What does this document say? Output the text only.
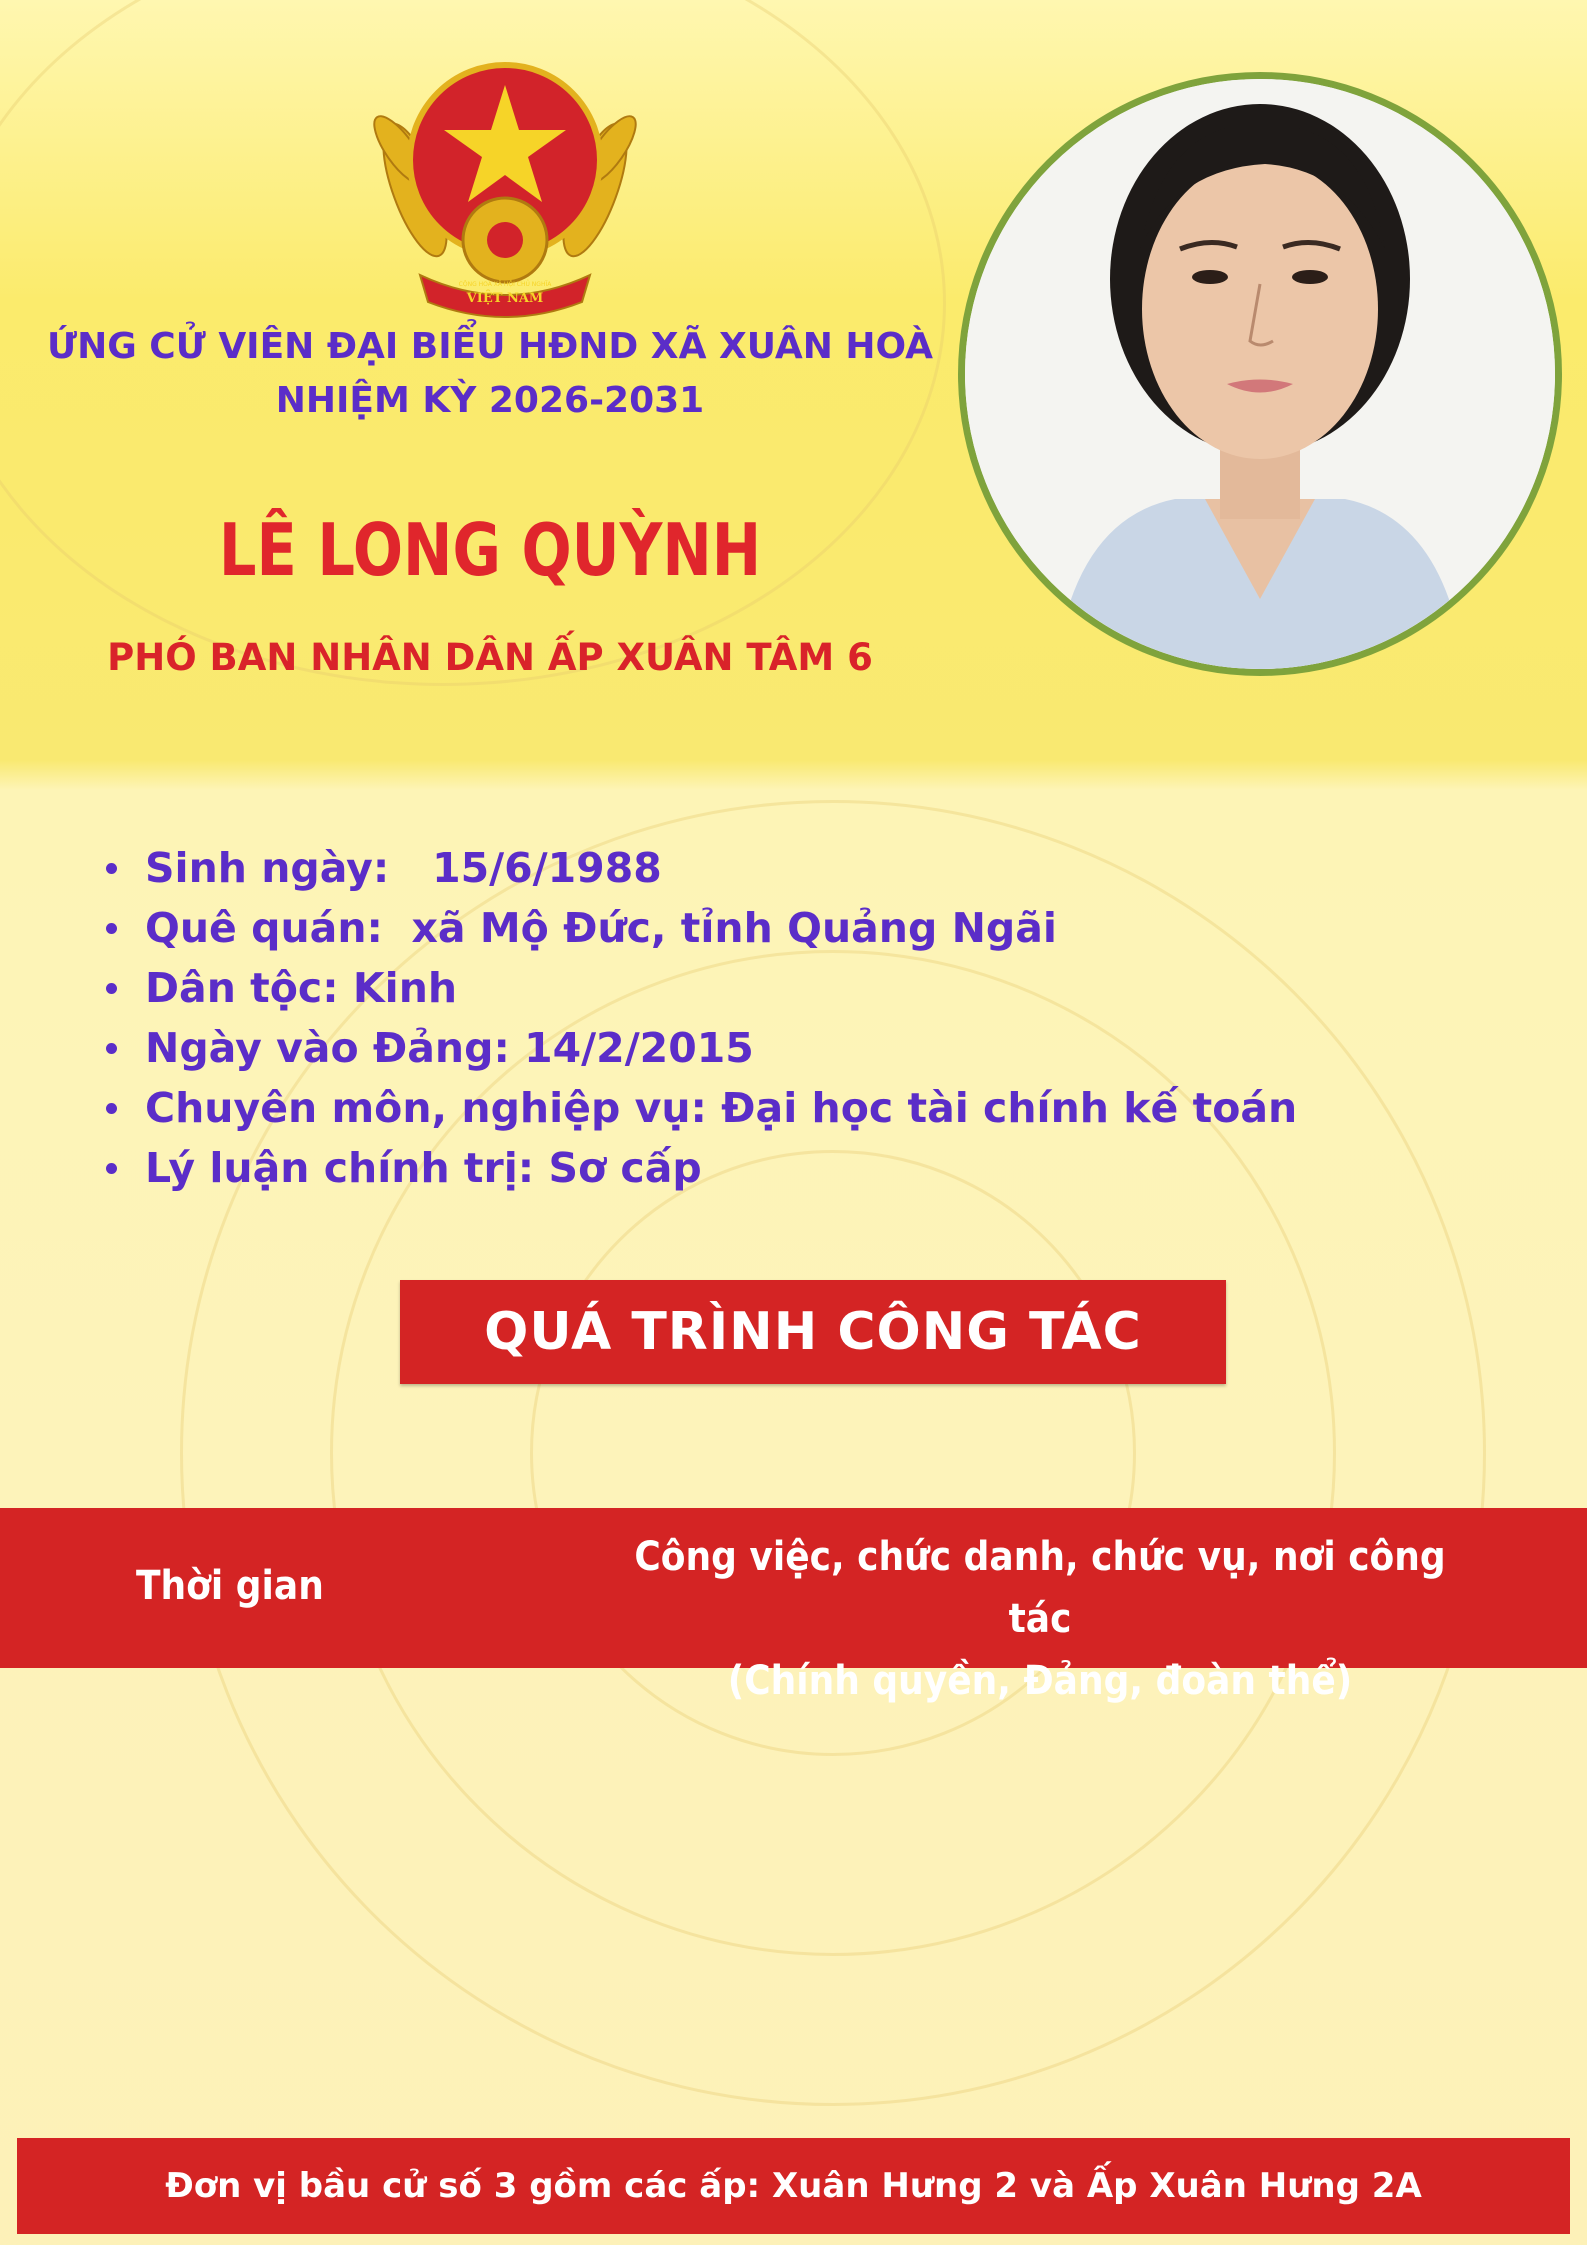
VIỆT NAM
CỘNG HOÀ XÃ HỘI CHỦ NGHĨA
ỨNG CỬ VIÊN ĐẠI BIỂU HĐND XÃ XUÂN HOÀ
NHIỆM KỲ 2026-2031
LÊ LONG QUỲNH
PHÓ BAN NHÂN DÂN ẤP XUÂN TÂM 6
Sinh ngày:   15/6/1988
Quê quán:  xã Mộ Đức, tỉnh Quảng Ngãi
Dân tộc: Kinh
Ngày vào Đảng: 14/2/2015
Chuyên môn, nghiệp vụ: Đại học tài chính kế toán
Lý luận chính trị: Sơ cấp
QUÁ TRÌNH CÔNG TÁC
Thời gian
Công việc, chức danh, chức vụ, nơi công tác
(Chính quyền, Đảng, đoàn thể)
Đơn vị bầu cử số 3 gồm các ấp: Xuân Hưng 2 và Ấp Xuân Hưng 2A
